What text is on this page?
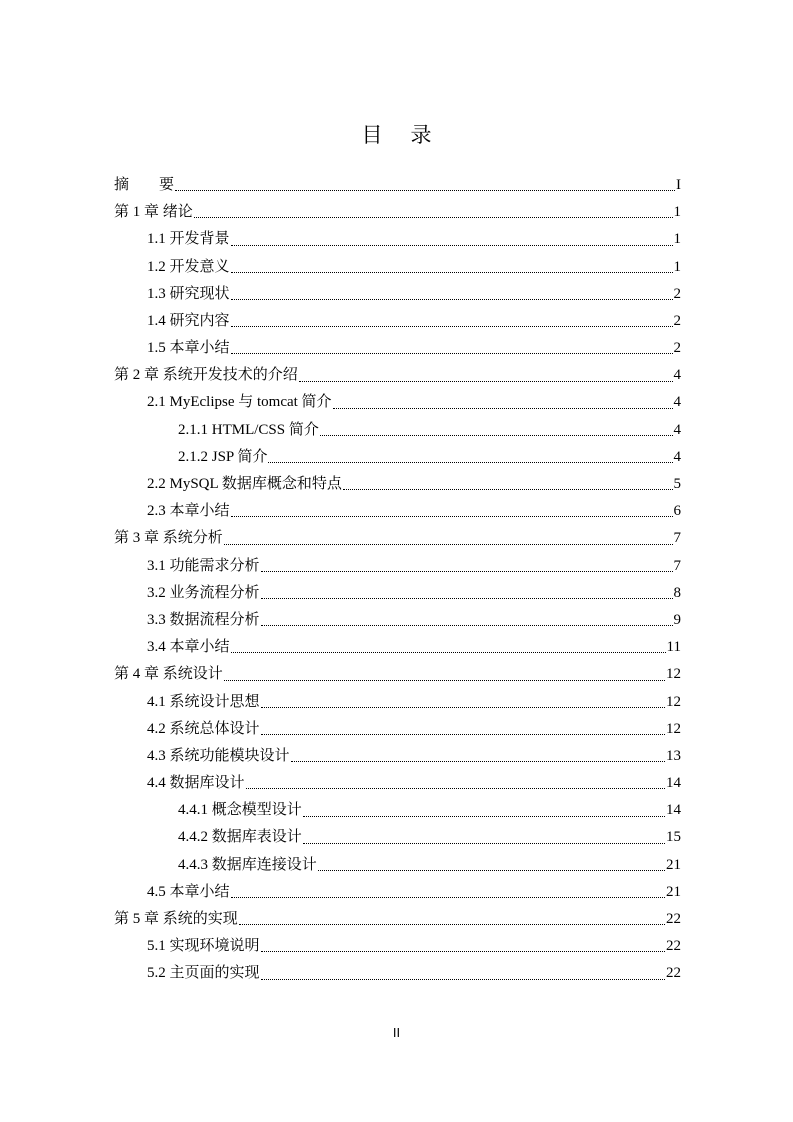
目录
摘　　要	I
第 1 章 绪论	1
1.1 开发背景	1
1.2 开发意义	1
1.3 研究现状	2
1.4 研究内容	2
1.5 本章小结	2
第 2 章 系统开发技术的介绍	4
2.1 MyEclipse 与 tomcat 简介	4
2.1.1 HTML/CSS 简介	4
2.1.2 JSP 简介	4
2.2 MySQL 数据库概念和特点	5
2.3 本章小结	6
第 3 章 系统分析	7
3.1 功能需求分析	7
3.2 业务流程分析	8
3.3 数据流程分析	9
3.4 本章小结	11
第 4 章 系统设计	12
4.1 系统设计思想	12
4.2 系统总体设计	12
4.3 系统功能模块设计	13
4.4 数据库设计	14
4.4.1 概念模型设计	14
4.4.2 数据库表设计	15
4.4.3 数据库连接设计	21
4.5 本章小结	21
第 5 章 系统的实现	22
5.1 实现环境说明	22
5.2 主页面的实现	22
II
